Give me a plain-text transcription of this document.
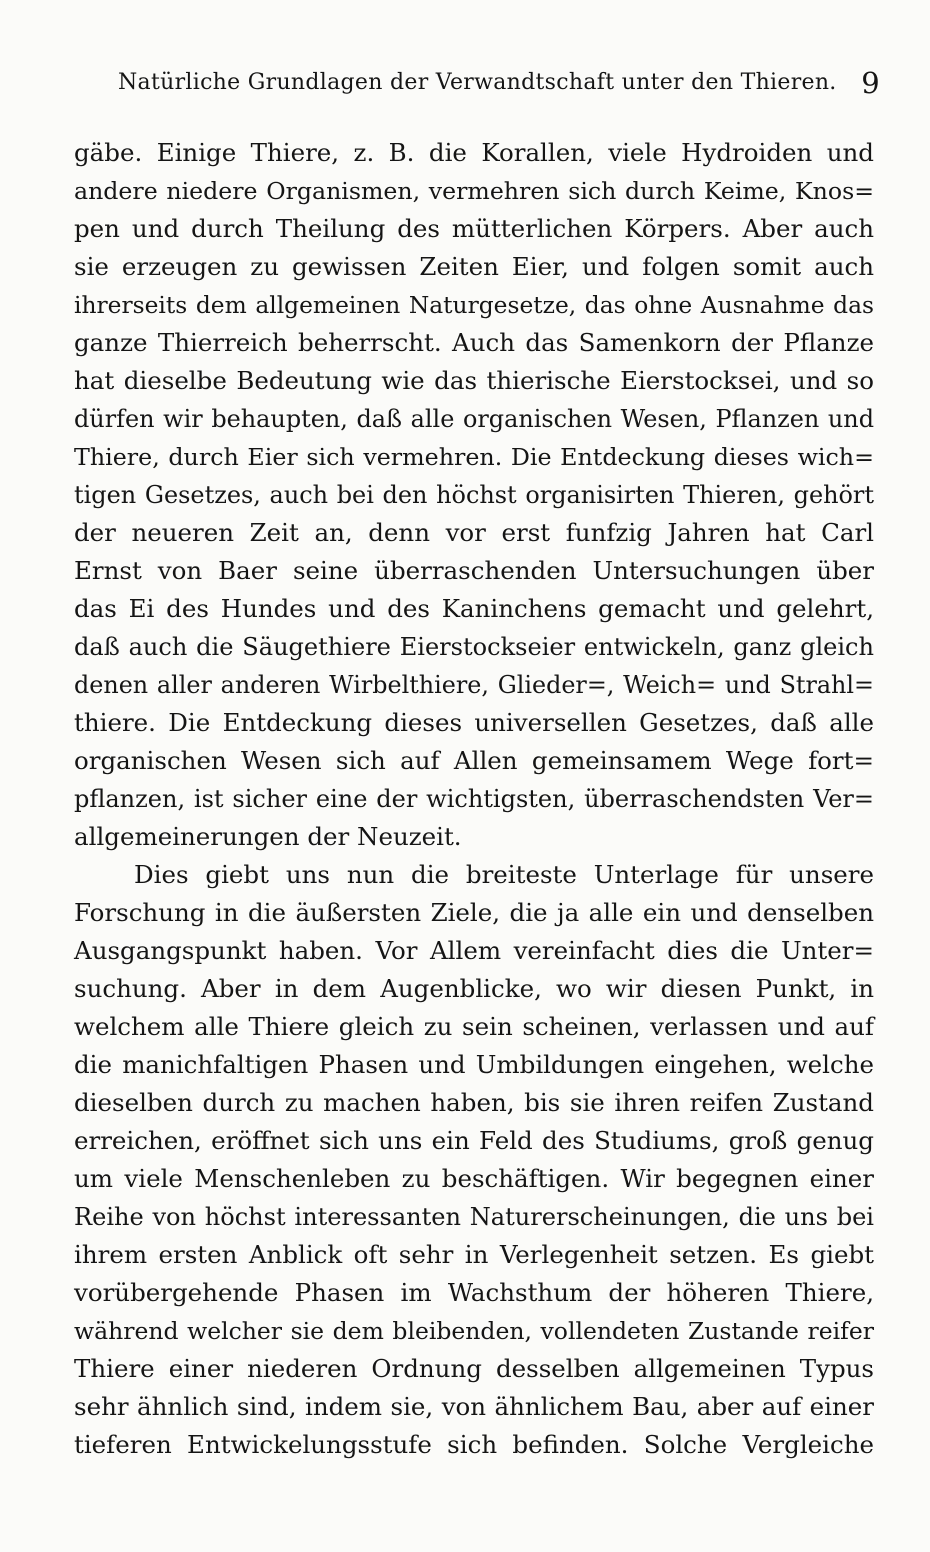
Natürliche Grundlagen der Verwandtschaft unter den Thieren. 9
gäbe. Einige Thiere, z. B. die Korallen, viele Hydroiden und
andere niedere Organismen, vermehren sich durch Keime, Knos=
pen und durch Theilung des mütterlichen Körpers. Aber auch
sie erzeugen zu gewissen Zeiten Eier, und folgen somit auch
ihrerseits dem allgemeinen Naturgesetze, das ohne Ausnahme das
ganze Thierreich beherrscht. Auch das Samenkorn der Pflanze
hat dieselbe Bedeutung wie das thierische Eierstocksei, und so
dürfen wir behaupten, daß alle organischen Wesen, Pflanzen und
Thiere, durch Eier sich vermehren. Die Entdeckung dieses wich=
tigen Gesetzes, auch bei den höchst organisirten Thieren, gehört
der neueren Zeit an, denn vor erst funfzig Jahren hat Carl
Ernst von Baer seine überraschenden Untersuchungen über
das Ei des Hundes und des Kaninchens gemacht und gelehrt,
daß auch die Säugethiere Eierstockseier entwickeln, ganz gleich
denen aller anderen Wirbelthiere, Glieder=, Weich= und Strahl=
thiere. Die Entdeckung dieses universellen Gesetzes, daß alle
organischen Wesen sich auf Allen gemeinsamem Wege fort=
pflanzen, ist sicher eine der wichtigsten, überraschendsten Ver=
allgemeinerungen der Neuzeit.
Dies giebt uns nun die breiteste Unterlage für unsere
Forschung in die äußersten Ziele, die ja alle ein und denselben
Ausgangspunkt haben. Vor Allem vereinfacht dies die Unter=
suchung. Aber in dem Augenblicke, wo wir diesen Punkt, in
welchem alle Thiere gleich zu sein scheinen, verlassen und auf
die manichfaltigen Phasen und Umbildungen eingehen, welche
dieselben durch zu machen haben, bis sie ihren reifen Zustand
erreichen, eröffnet sich uns ein Feld des Studiums, groß genug
um viele Menschenleben zu beschäftigen. Wir begegnen einer
Reihe von höchst interessanten Naturerscheinungen, die uns bei
ihrem ersten Anblick oft sehr in Verlegenheit setzen. Es giebt
vorübergehende Phasen im Wachsthum der höheren Thiere,
während welcher sie dem bleibenden, vollendeten Zustande reifer
Thiere einer niederen Ordnung desselben allgemeinen Typus
sehr ähnlich sind, indem sie, von ähnlichem Bau, aber auf einer
tieferen Entwickelungsstufe sich befinden. Solche Vergleiche
